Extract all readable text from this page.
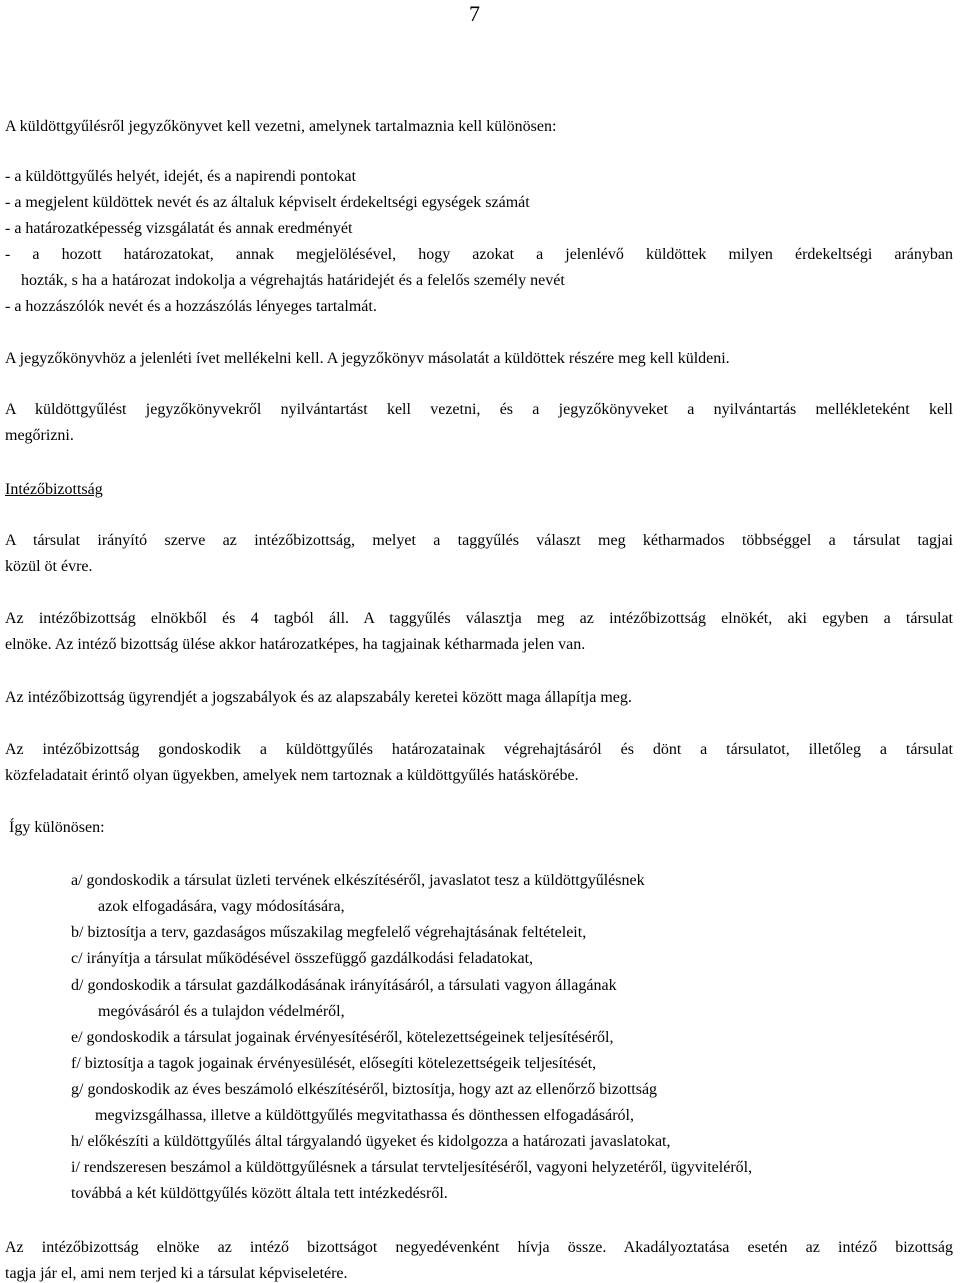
7
A küldöttgyűlésről jegyzőkönyvet kell vezetni, amelynek tartalmaznia kell különösen:
- a küldöttgyűlés helyét, idejét, és a napirendi pontokat
- a megjelent küldöttek nevét és az általuk képviselt érdekeltségi egységek számát
- a határozatképesség vizsgálatát és annak eredményét
- a hozott határozatokat, annak megjelölésével, hogy azokat a jelenlévő küldöttek milyen érdekeltségi arányban
hozták, s ha a határozat indokolja a végrehajtás határidejét és a felelős személy nevét
- a hozzászólók nevét és a hozzászólás lényeges tartalmát.
A jegyzőkönyvhöz a jelenléti ívet mellékelni kell. A jegyzőkönyv másolatát a küldöttek részére meg kell küldeni.
A küldöttgyűlést jegyzőkönyvekről nyilvántartást kell vezetni, és a jegyzőkönyveket a nyilvántartás mellékleteként kell
megőrizni.
Intézőbizottság
A társulat irányító szerve az intézőbizottság, melyet a taggyűlés választ meg kétharmados többséggel a társulat tagjai
közül öt évre.
Az intézőbizottság elnökből és 4 tagból áll. A taggyűlés választja meg az intézőbizottság elnökét, aki egyben a társulat
elnöke. Az intéző bizottság ülése akkor határozatképes, ha tagjainak kétharmada jelen van.
Az intézőbizottság ügyrendjét a jogszabályok és az alapszabály keretei között maga állapítja meg.
Az intézőbizottság gondoskodik a küldöttgyűlés határozatainak végrehajtásáról és dönt a társulatot, illetőleg a társulat
közfeladatait érintő olyan ügyekben, amelyek nem tartoznak a küldöttgyűlés hatáskörébe.
Így különösen:
a/ gondoskodik a társulat üzleti tervének elkészítéséről, javaslatot tesz a küldöttgyűlésnek
azok elfogadására, vagy módosítására,
b/ biztosítja a terv, gazdaságos műszakilag megfelelő végrehajtásának feltételeit,
c/ irányítja a társulat működésével összefüggő gazdálkodási feladatokat,
d/ gondoskodik a társulat gazdálkodásának irányításáról, a társulati vagyon állagának
megóvásáról és a tulajdon védelméről,
e/ gondoskodik a társulat jogainak érvényesítéséről, kötelezettségeinek teljesítéséről,
f/ biztosítja a tagok jogainak érvényesülését, elősegíti kötelezettségeik teljesítését,
g/ gondoskodik az éves beszámoló elkészítéséről, biztosítja, hogy azt az ellenőrző bizottság
megvizsgálhassa, illetve a küldöttgyűlés megvitathassa és dönthessen elfogadásáról,
h/ előkészíti a küldöttgyűlés által tárgyalandó ügyeket és kidolgozza a határozati javaslatokat,
i/ rendszeresen beszámol a küldöttgyűlésnek a társulat tervteljesítéséről, vagyoni helyzetéről, ügyviteléről,
továbbá a két küldöttgyűlés között általa tett intézkedésről.
Az intézőbizottság elnöke az intéző bizottságot negyedévenként hívja össze. Akadályoztatása esetén az intéző bizottság
tagja jár el, ami nem terjed ki a társulat képviseletére.
